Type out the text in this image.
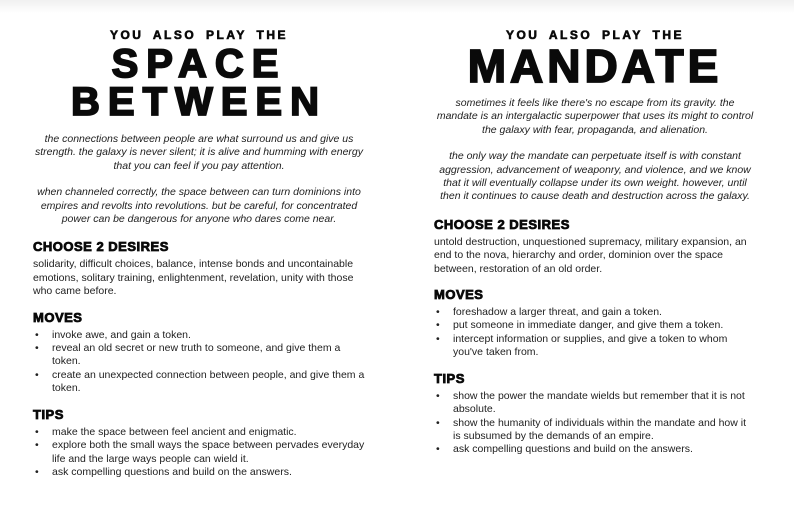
YOU ALSO PLAY THE
SPACE
BETWEEN

the connections between people are what surround us and give us strength. the galaxy is never silent; it is alive and humming with energy that you can feel if you pay attention.

when channeled correctly, the space between can turn dominions into empires and revolts into revolutions. but be careful, for concentrated power can be dangerous for anyone who dares come near.

CHOOSE 2 DESIRES
solidarity, difficult choices, balance, intense bonds and uncontainable emotions, solitary training, enlightenment, revelation, unity with those who came before.
MOVES
•	invoke awe, and gain a token.
•	reveal an old secret or new truth to someone, and give them a token.
•	create an unexpected connection between people, and give them a token.
TIPS
•	make the space between feel ancient and enigmatic.
•	explore both the small ways the space between pervades everyday life and the large ways people can wield it.
•	ask compelling questions and build on the answers.
YOU ALSO PLAY THE
MANDATE

sometimes it feels like there's no escape from its gravity. the mandate is an intergalactic superpower that uses its might to control the galaxy with fear, propaganda, and alienation.

the only way the mandate can perpetuate itself is with constant aggression, advancement of weaponry, and violence, and we know that it will eventually collapse under its own weight. however, until then it continues to cause death and destruction across the galaxy.

CHOOSE 2 DESIRES
untold destruction, unquestioned supremacy, military expansion, an end to the nova, hierarchy and order, dominion over the space between, restoration of an old order.
MOVES
•	foreshadow a larger threat, and gain a token.
•	put someone in immediate danger, and give them a token.
•	intercept information or supplies, and give a token to whom you've taken from.
TIPS
•	show the power the mandate wields but remember that it is not absolute.
•	show the humanity of individuals within the mandate and how it is subsumed by the demands of an empire.
•	ask compelling questions and build on the answers.
